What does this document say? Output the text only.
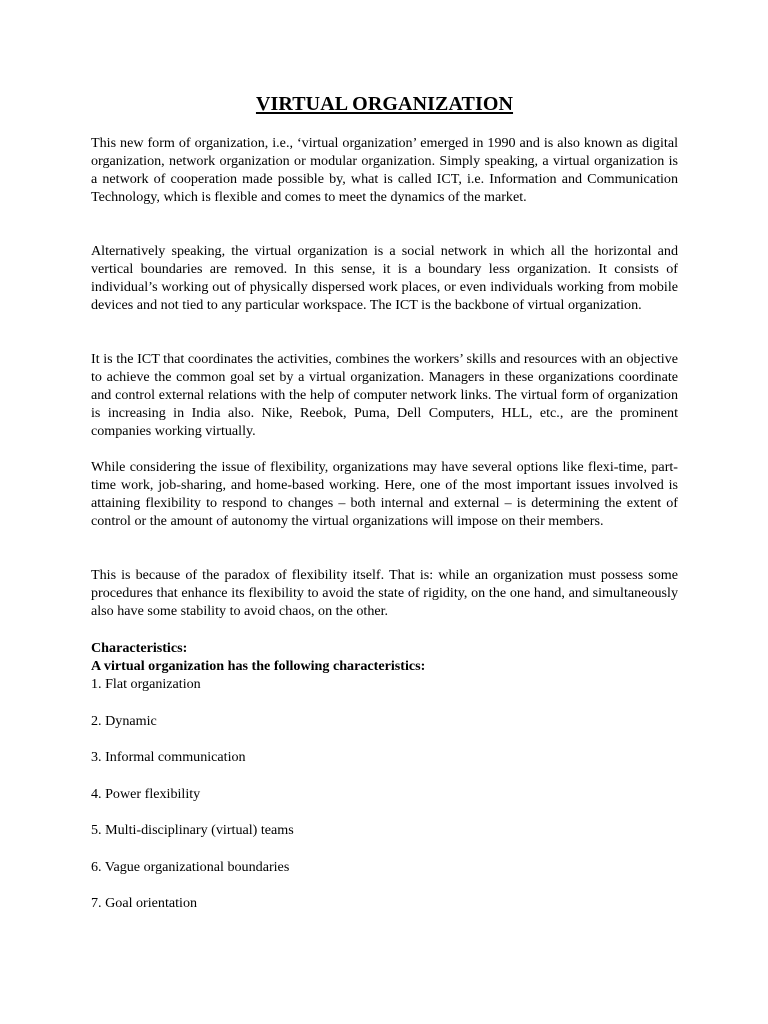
VIRTUAL ORGANIZATION

This new form of organization, i.e., ‘virtual organization’ emerged in 1990 and is also known as digital organization, network organization or modular organization. Simply speaking, a virtual organization is a network of cooperation made possible by, what is called ICT, i.e. Information and Communication Technology, which is flexible and comes to meet the dynamics of the market.

Alternatively speaking, the virtual organization is a social network in which all the horizontal and vertical boundaries are removed. In this sense, it is a boundary less organization. It consists of individual’s working out of physically dispersed work places, or even individuals working from mobile devices and not tied to any particular workspace. The ICT is the backbone of virtual organization.

It is the ICT that coordinates the activities, combines the workers’ skills and resources with an objective to achieve the common goal set by a virtual organization. Managers in these organizations coordinate and control external relations with the help of computer network links. The virtual form of organization is increasing in India also. Nike, Reebok, Puma, Dell Computers, HLL, etc., are the prominent companies working virtually.

While considering the issue of flexibility, organizations may have several options like flexi-time, part-time work, job-sharing, and home-based working. Here, one of the most important issues involved is attaining flexibility to respond to changes – both internal and external – is determining the extent of control or the amount of autonomy the virtual organizations will impose on their members.

This is because of the paradox of flexibility itself. That is: while an organization must possess some procedures that enhance its flexibility to avoid the state of rigidity, on the one hand, and simultaneously also have some stability to avoid chaos, on the other.

Characteristics:

A virtual organization has the following characteristics:

1. Flat organization
2. Dynamic
3. Informal communication
4. Power flexibility
5. Multi-disciplinary (virtual) teams
6. Vague organizational boundaries
7. Goal orientation
